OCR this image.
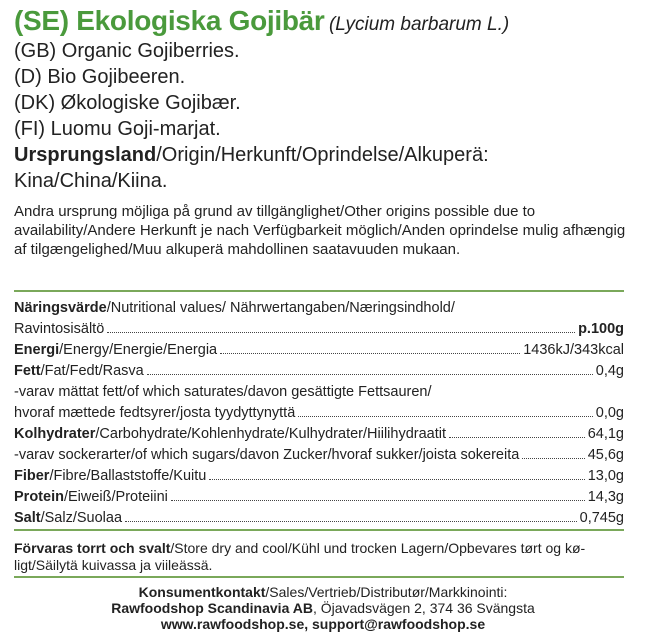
(SE) Ekologiska Gojibär (Lycium barbarum L.)
(GB) Organic Gojiberries.
(D) Bio Gojibeeren.
(DK) Økologiske Gojibær.
(FI) Luomu Goji-marjat.
Ursprungsland/Origin/Herkunft/Oprindelse/Alkuperä:
Kina/China/Kiina.
Andra ursprung möjliga på grund av tillgänglighet/Other origins possible due to availability/Andere Herkunft je nach Verfügbarkeit möglich/Anden oprindelse mulig afhængig af tilgængelighed/Muu alkuperä mahdollinen saatavuuden mukaan.
Näringsvärde/Nutritional values/ Nährwertangaben/Næringsindhold/
Ravintosisältö	p.100g
Energi/Energy/Energie/Energia	1436kJ/343kcal
Fett/Fat/Fedt/Rasva	0,4g
-varav mättat fett/of which saturates/davon gesättigte Fettsauren/
hvoraf mættede fedtsyrer/josta tyydyttynyttä	0,0g
Kolhydrater/Carbohydrate/Kohlenhydrate/Kulhydrater/Hiilihydraatit	64,1g
-varav sockerarter/of which sugars/davon Zucker/hvoraf sukker/joista sokereita	45,6g
Fiber/Fibre/Ballaststoffe/Kuitu	13,0g
Protein/Eiweiß/Proteiini	14,3g
Salt/Salz/Suolaa	0,745g
Förvaras torrt och svalt/Store dry and cool/Kühl und trocken Lagern/Opbevares tørt og kø-ligt/Säilytä kuivassa ja viileässä.
Konsumentkontakt/Sales/Vertrieb/Distributør/Markkinointi:
Rawfoodshop Scandinavia AB, Öjavadsvägen 2, 374 36 Svängsta
www.rawfoodshop.se, support@rawfoodshop.se
